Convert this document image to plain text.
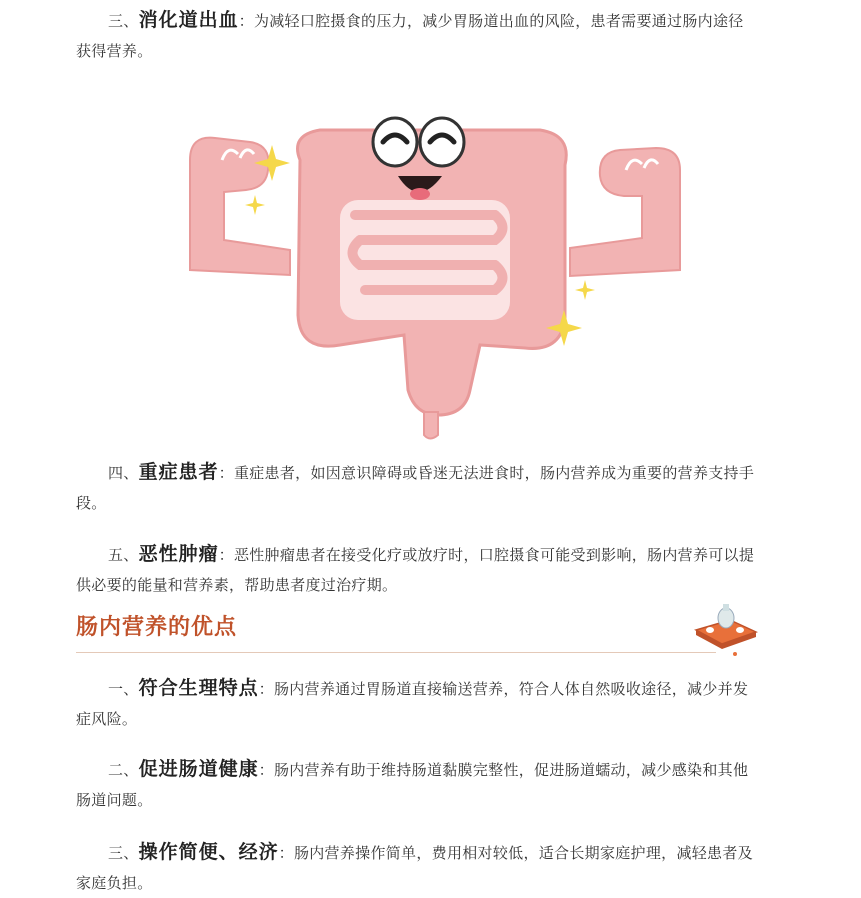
三、消化道出血：为减轻口腔摄食的压力，减少胃肠道出血的风险，患者需要通过肠内途径获得营养。
四、重症患者：重症患者，如因意识障碍或昏迷无法进食时，肠内营养成为重要的营养支持手段。
五、恶性肿瘤：恶性肿瘤患者在接受化疗或放疗时，口腔摄食可能受到影响，肠内营养可以提供必要的能量和营养素，帮助患者度过治疗期。
肠内营养的优点
一、符合生理特点：肠内营养通过胃肠道直接输送营养，符合人体自然吸收途径，减少并发症风险。
二、促进肠道健康：肠内营养有助于维持肠道黏膜完整性，促进肠道蠕动，减少感染和其他肠道问题。
三、操作简便、经济：肠内营养操作简单，费用相对较低，适合长期家庭护理，减轻患者及家庭负担。
